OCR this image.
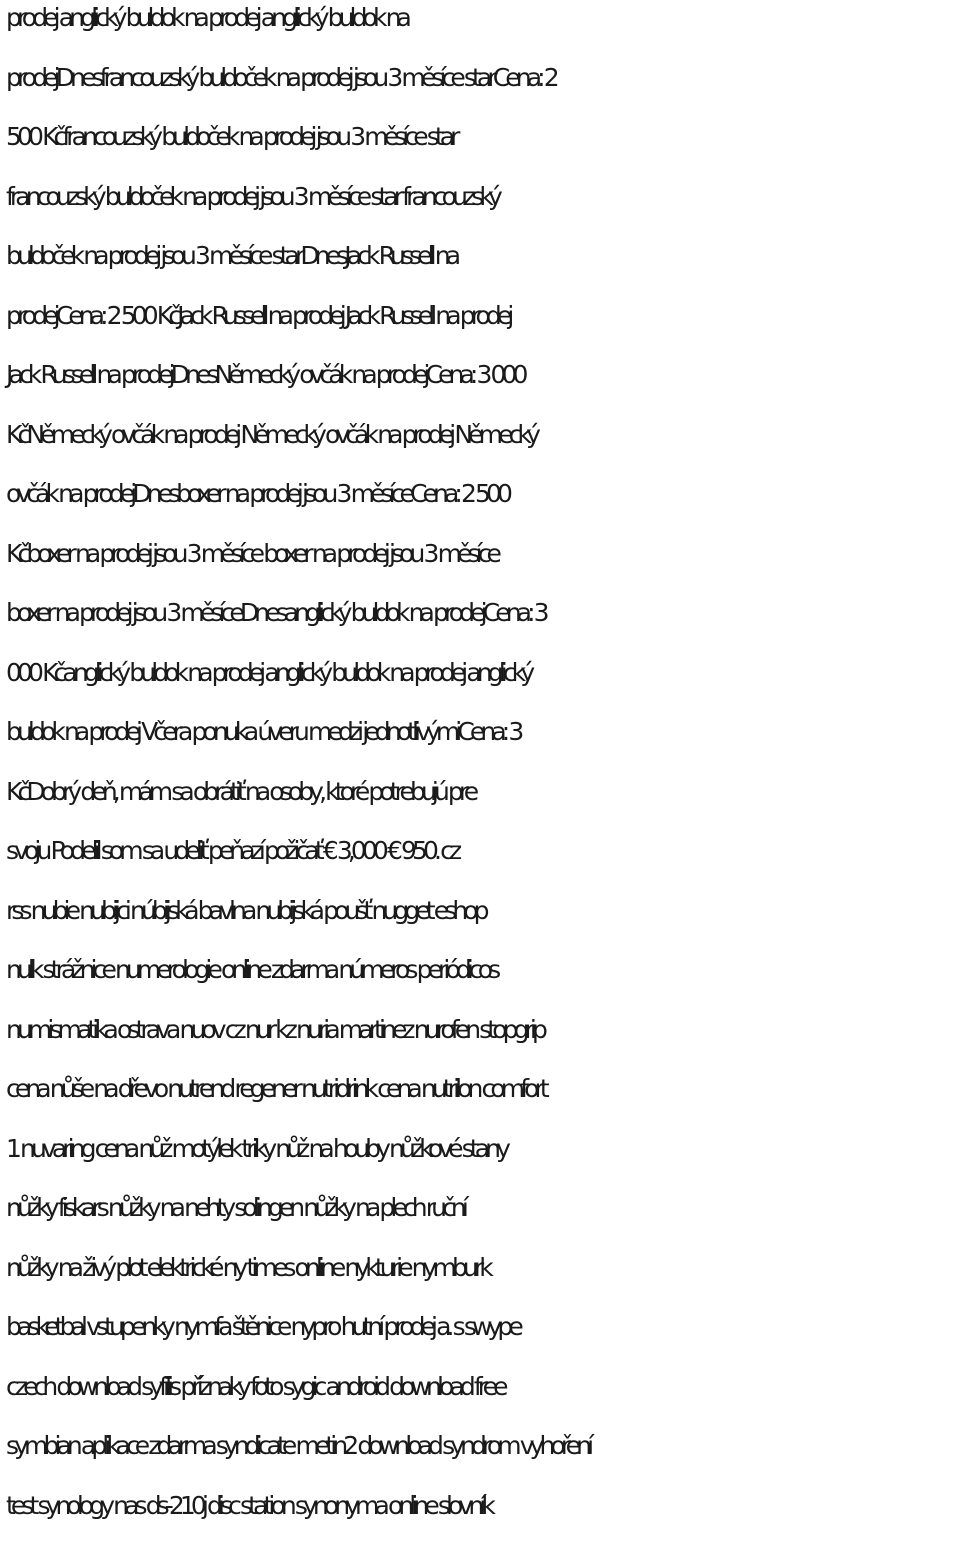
prodej anglický buldok na prodej anglický buldok na
prodejDnesfrancouzský buldoček na prodej jsou 3 měsíce starCena: 2
500 Kčfrancouzský buldoček na prodej jsou 3 měsíce star
francouzský buldoček na prodej jsou 3 měsíce star francouzský
buldoček na prodej jsou 3 měsíce starDnesJack Russell na
prodejCena: 2 500 KčJack Russell na prodej Jack Russell na prodej
Jack Russell na prodejDnesNěmecký ovčák na prodejCena: 3 000
KčNěmecký ovčák na prodej Německý ovčák na prodej Německý
ovčák na prodejDnesboxer na prodej jsou 3 měsíceCena: 2 500
Kčboxer na prodej jsou 3 měsíce boxer na prodej jsou 3 měsíce
boxer na prodej jsou 3 měsíceDnesanglický buldok na prodejCena: 3
000 Kčanglický buldok na prodej anglický buldok na prodej anglický
buldok na prodej Včera ponuka úveru medzi jednotlivýmiCena: 3
KčDobrý deň, mám sa obrátiť na osoby, ktoré potrebujú pre
svoju Podelil som sa udeliť peňazí požičať € 3,000 € 950. cz
rss nubie nubijci núbijská bavlna nubijská poušť nugget eshop
nulk strážnice numerologie online zdarma números periódicos
numismatika ostrava nuov cz nur kz nuria martinez nurofen stopgrip
cena nůše na dřevo nutrend regener nutridrink cena nutrilon comfort
1 nuvaring cena nůž motýlek triky nůž na houby nůžkové stany
nůžky fiskars nůžky na nehty solingen nůžky na plech ruční
nůžky na živý plot elektrické ny times online nykturie nymburk
basketbal vstupenky nymfa štěnice nypro hutní prodej a. s swype
czech download syfilis příznaky foto sygic android download free
symbian aplikace zdarma syndicate metin2 download syndrom vyhoření
test synology nas ds-210j disc station synonyma online slovník
